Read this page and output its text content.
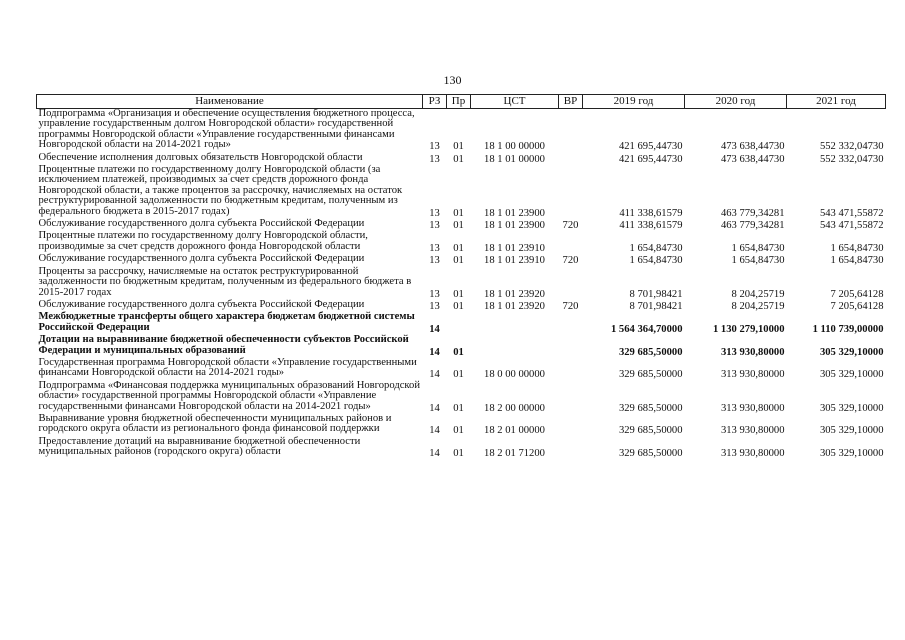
130
Наименование	РЗ	Пр	ЦСТ	ВР	2019 год	2020 год	2021 год
Подпрограмма «Организация и обеспечение осуществления бюджетного процесса, управление государственным долгом Новгородской области» государственной программы Новгородской области «Управление государственными финансами Новгородской области на 2014-2021 годы»	13	01	18 1 00 00000		421 695,44730	473 638,44730	552 332,04730
Обеспечение исполнения долговых обязательств Новгородской области	13	01	18 1 01 00000		421 695,44730	473 638,44730	552 332,04730
Процентные платежи по государственному долгу Новгородской области (за исключением платежей, производимых за счет средств дорожного фонда Новгородской области, а также процентов за рассрочку, начисляемых на остаток реструктурированной задолженности по бюджетным кредитам, полученным из федерального бюджета в 2015-2017 годах)	13	01	18 1 01 23900		411 338,61579	463 779,34281	543 471,55872
Обслуживание государственного долга субъекта Российской Федерации	13	01	18 1 01 23900	720	411 338,61579	463 779,34281	543 471,55872
Процентные платежи по государственному долгу Новгородской области, производимые за счет средств дорожного фонда Новгородской области	13	01	18 1 01 23910		1 654,84730	1 654,84730	1 654,84730
Обслуживание государственного долга субъекта Российской Федерации	13	01	18 1 01 23910	720	1 654,84730	1 654,84730	1 654,84730
Проценты за рассрочку, начисляемые на остаток реструктурированной задолженности по бюджетным кредитам, полученным из федерального бюджета в 2015-2017 годах	13	01	18 1 01 23920		8 701,98421	8 204,25719	7 205,64128
Обслуживание государственного долга субъекта Российской Федерации	13	01	18 1 01 23920	720	8 701,98421	8 204,25719	7 205,64128
Межбюджетные трансферты общего характера бюджетам бюджетной системы Российской Федерации	14				1 564 364,70000	1 130 279,10000	1 110 739,00000
Дотации на выравнивание бюджетной обеспеченности субъектов Российской Федерации и муниципальных образований	14	01			329 685,50000	313 930,80000	305 329,10000
Государственная программа Новгородской области «Управление государственными финансами Новгородской области на 2014-2021 годы»	14	01	18 0 00 00000		329 685,50000	313 930,80000	305 329,10000
Подпрограмма «Финансовая поддержка муниципальных образований Новгородской области» государственной программы Новгородской области «Управление государственными финансами Новгородской области на 2014-2021 годы»	14	01	18 2 00 00000		329 685,50000	313 930,80000	305 329,10000
Выравнивание уровня бюджетной обеспеченности муниципальных районов и городского округа области из регионального фонда финансовой поддержки	14	01	18 2 01 00000		329 685,50000	313 930,80000	305 329,10000
Предоставление дотаций на выравнивание бюджетной обеспеченности муниципальных районов (городского округа) области	14	01	18 2 01 71200		329 685,50000	313 930,80000	305 329,10000
